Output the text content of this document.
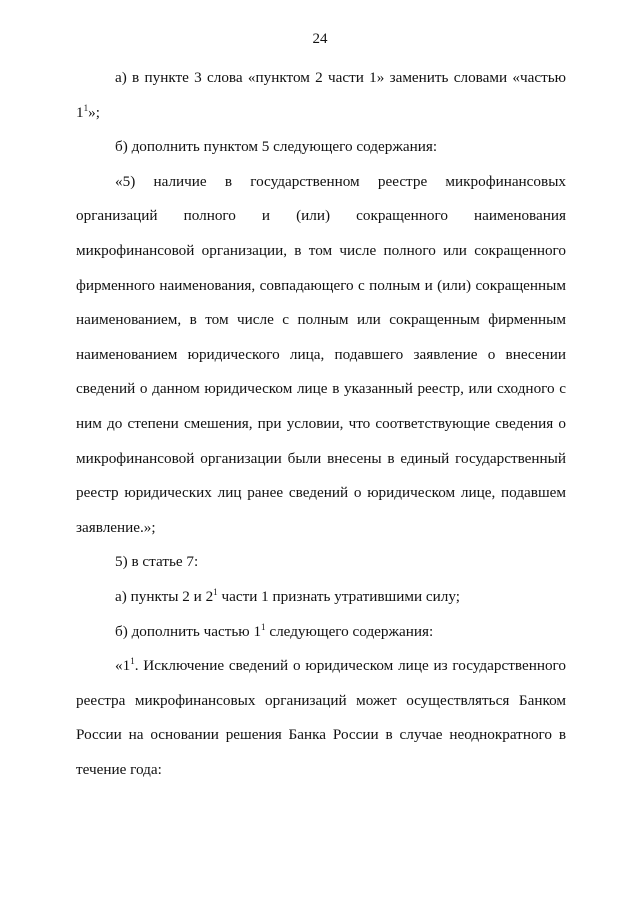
24

а) в пункте 3 слова «пунктом 2 части 1» заменить словами «частью $1^1$»;

б) дополнить пунктом 5 следующего содержания:

«5) наличие в государственном реестре микрофинансовых организаций полного и (или) сокращенного наименования микрофинансовой организации, в том числе полного или сокращенного фирменного наименования, совпадающего с полным и (или) сокращенным наименованием, в том числе с полным или сокращенным фирменным наименованием юридического лица, подавшего заявление о внесении сведений о данном юридическом лице в указанный реестр, или сходного с ним до степени смешения, при условии, что соответствующие сведения о микрофинансовой организации были внесены в единый государственный реестр юридических лиц ранее сведений о юридическом лице, подавшем заявление.»;

5) в статье 7:

а) пункты 2 и $2^1$ части 1 признать утратившими силу;

б) дополнить частью $1^1$ следующего содержания:

«$1^1$. Исключение сведений о юридическом лице из государственного реестра микрофинансовых организаций может осуществляться Банком России на основании решения Банка России в случае неоднократного в течение года:
